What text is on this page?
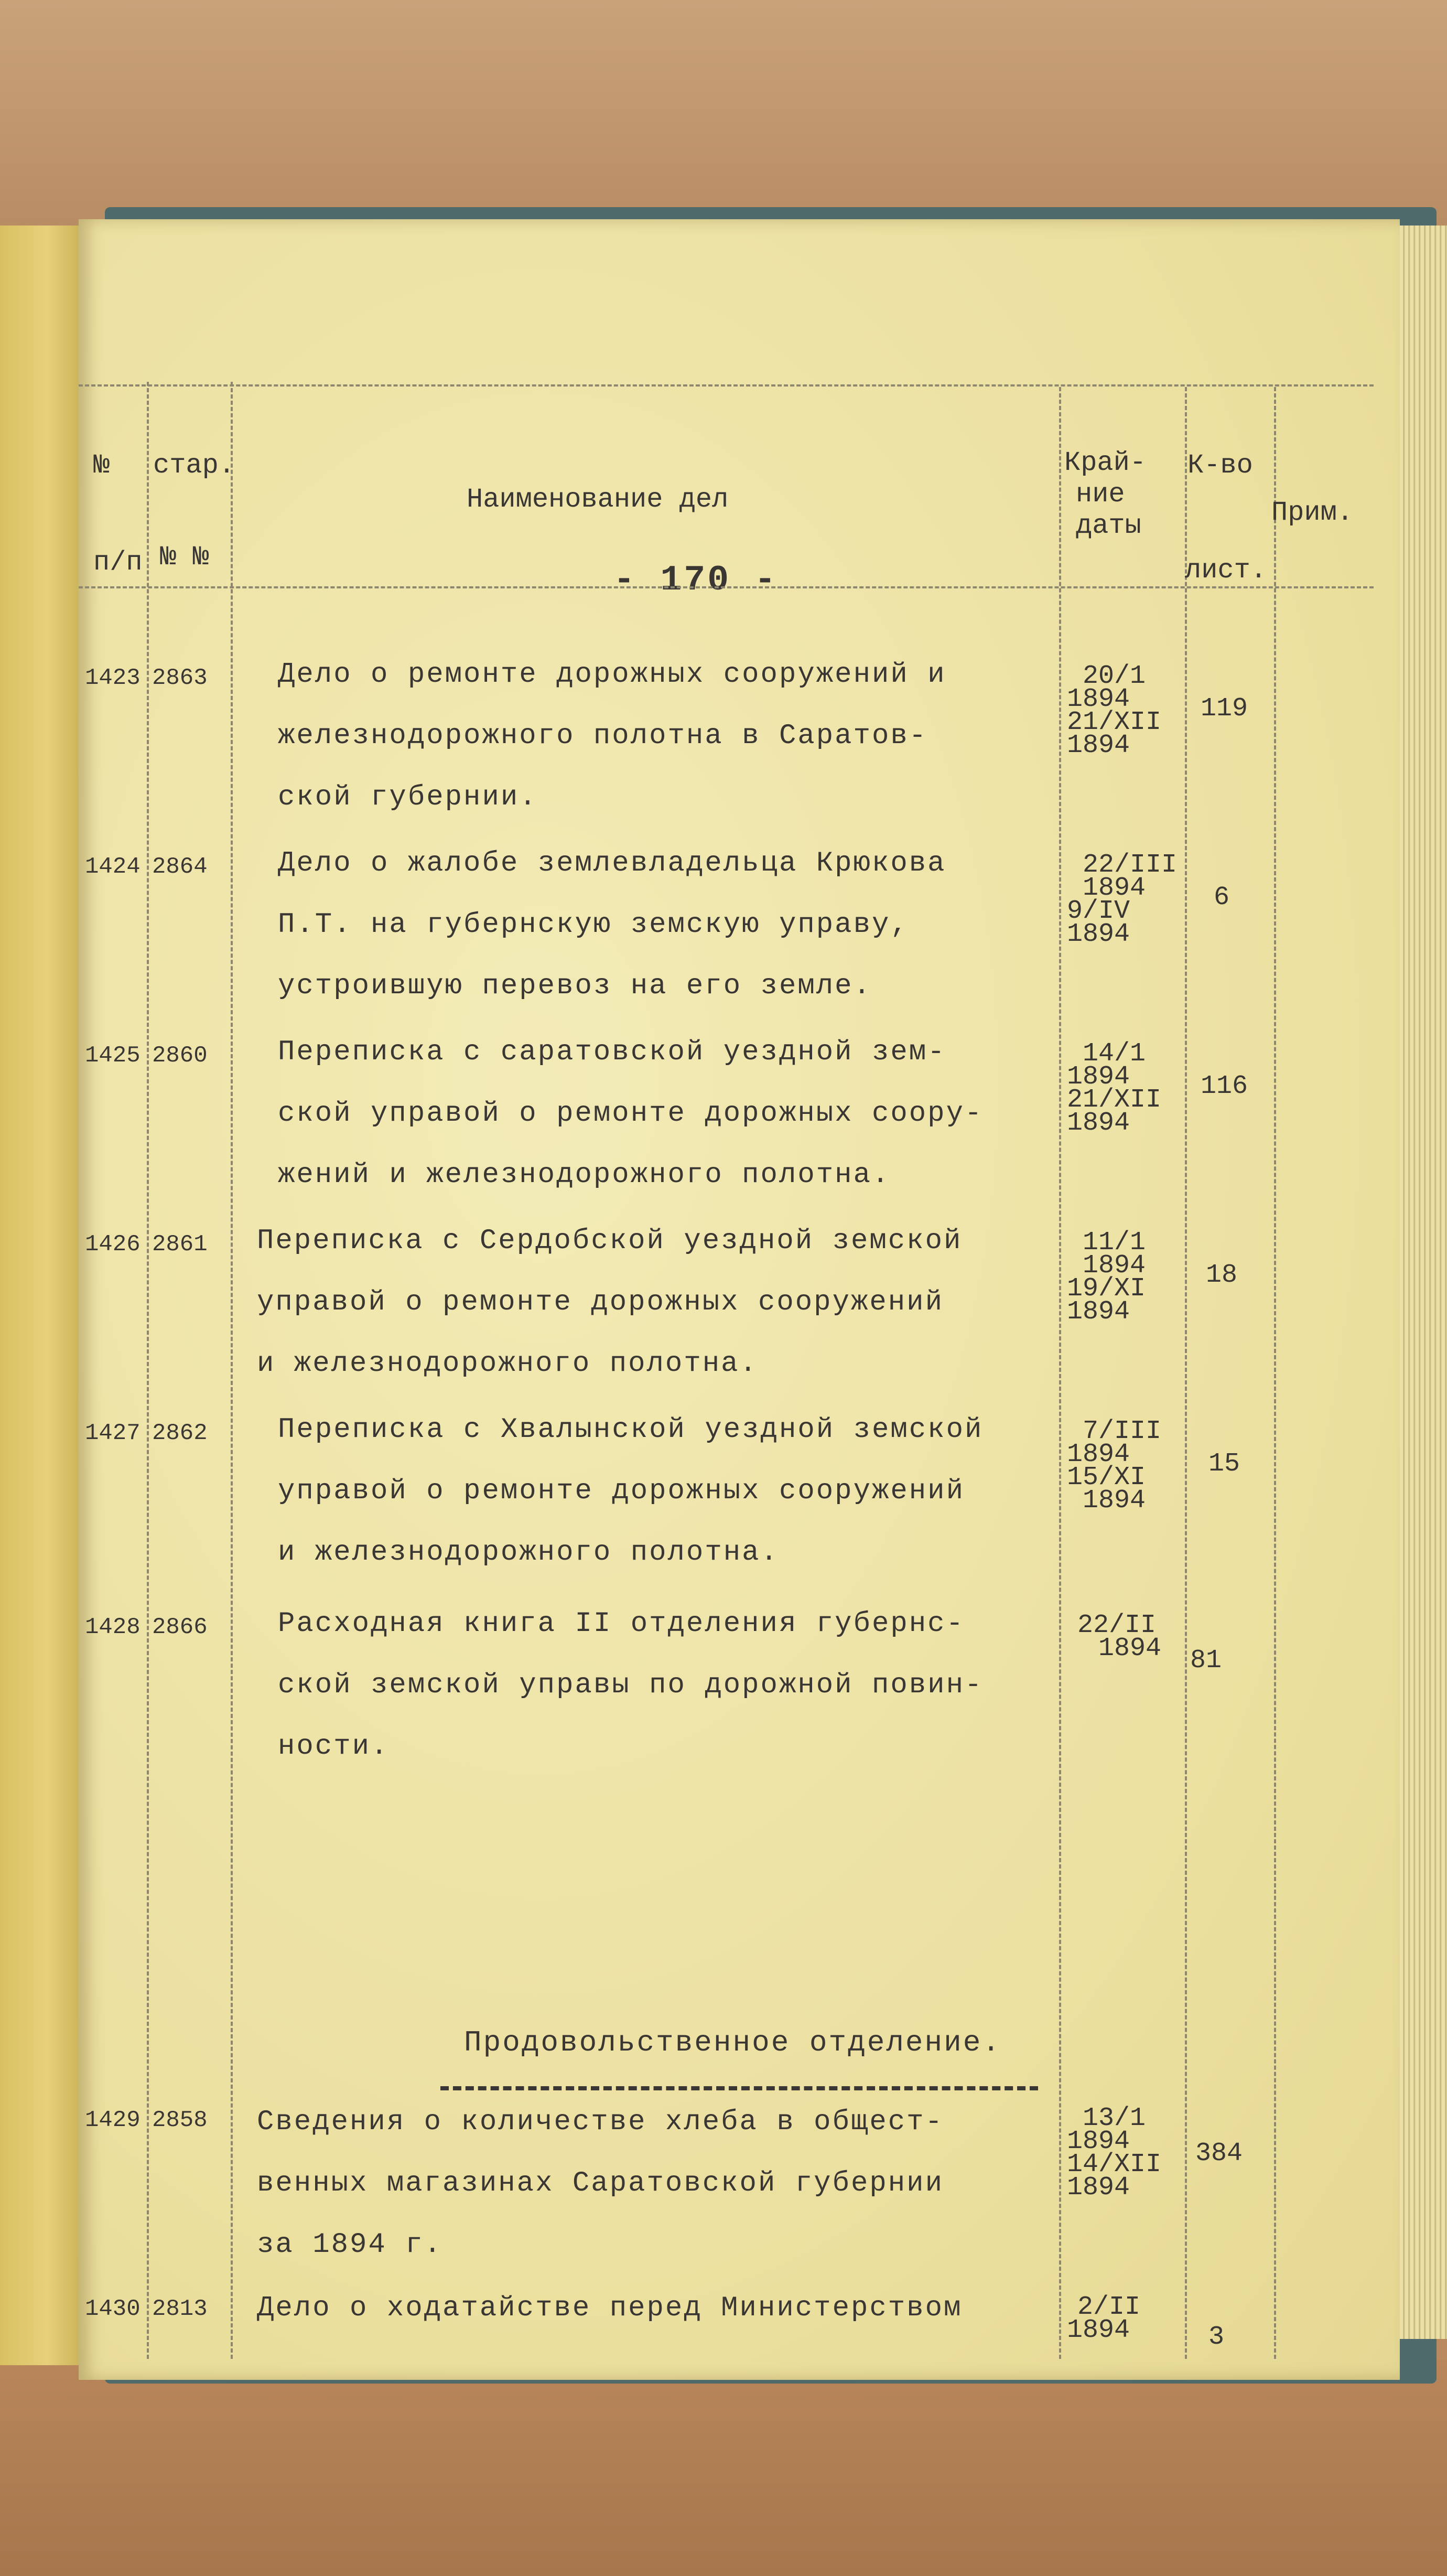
- 170 -
№
п/п
стар.
№ №
Наименование дел
Край-
ние
даты
К-во
лист.
Прим.
1423 2863 Дело о ремонте дорожных сооружений и
железнодорожного полотна в Саратов-
ской губернии.
20/1
1894
21/ХII
1894
119
1424 2864 Дело о жалобе землевладельца Крюкова
П.Т. на губернскую земскую управу,
устроившую перевоз на его земле.
22/III
1894
9/IV
1894
6
1425 2860 Переписка с саратовской уездной зем-
ской управой о ремонте дорожных соору-
жений и железнодорожного полотна.
14/1
1894
21/ХII
1894
116
1426 2861 Переписка с Сердобской уездной земской
управой о ремонте дорожных сооружений
и железнодорожного полотна.
11/1
1894
19/ХI
1894
18
1427 2862 Переписка с Хвалынской уездной земской
управой о ремонте дорожных сооружений
и железнодорожного полотна.
7/III
1894
15/ХI
1894
15
1428 2866 Расходная книга II отделения губернс-
ской земской управы по дорожной повин-
ности.
22/II
1894 81
Продовольственное отделение.
1429 2858 Сведения о количестве хлеба в общест-
венных магазинах Саратовской губернии
за 1894 г.
13/1
1894
14/ХII
1894
384
1430 2813 Дело о ходатайстве перед Министерством	2/II
1894	3
